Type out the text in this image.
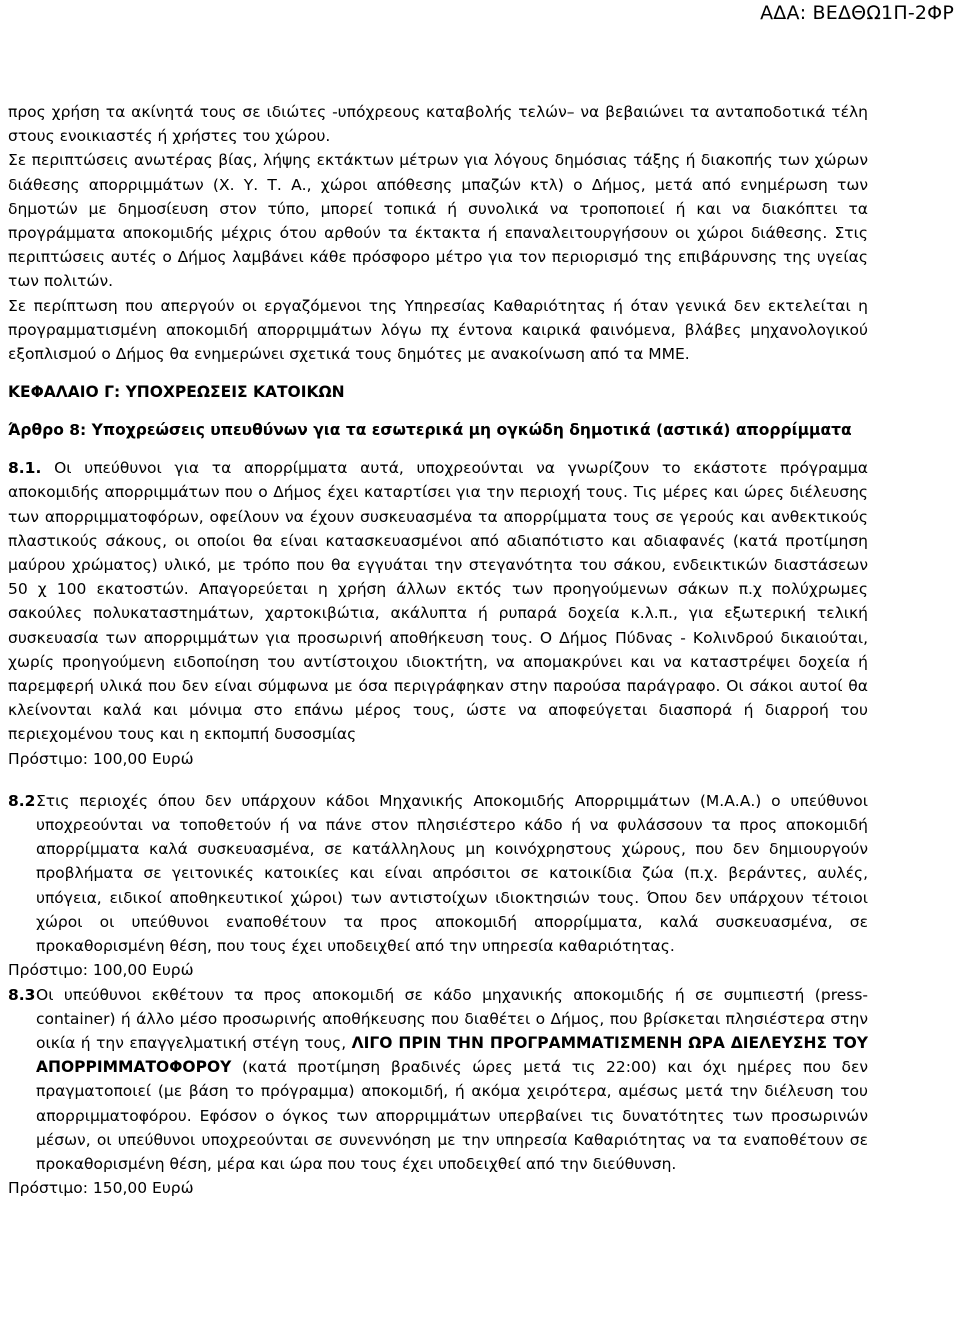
ΑΔΑ: ΒΕΔΘΩ1Π-2ΦΡ

προς χρήση τα ακίνητά τους σε ιδιώτες -υπόχρεους καταβολής τελών– να βεβαιώνει τα ανταποδοτικά τέλη στους ενοικιαστές ή χρήστες του χώρου.

Σε περιπτώσεις ανωτέρας βίας, λήψης εκτάκτων μέτρων για λόγους δημόσιας τάξης ή διακοπής των χώρων διάθεσης απορριμμάτων (Χ. Υ. Τ. Α., χώροι απόθεσης μπαζών κτλ) ο Δήμος, μετά από ενημέρωση των δημοτών με δημοσίευση στον τύπο, μπορεί τοπικά ή συνολικά να τροποποιεί ή και να διακόπτει τα προγράμματα αποκομιδής μέχρις ότου αρθούν τα έκτακτα ή επαναλειτουργήσουν οι χώροι διάθεσης. Στις περιπτώσεις αυτές ο Δήμος λαμβάνει κάθε πρόσφορο μέτρο για τον περιορισμό της επιβάρυνσης της υγείας των πολιτών.

Σε περίπτωση που απεργούν οι εργαζόμενοι της Υπηρεσίας Καθαριότητας ή όταν γενικά δεν εκτελείται η προγραμματισμένη αποκομιδή απορριμμάτων λόγω πχ έντονα καιρικά φαινόμενα, βλάβες μηχανολογικού εξοπλισμού ο Δήμος θα ενημερώνει σχετικά τους δημότες με ανακοίνωση από τα ΜΜΕ.

ΚΕΦΑΛΑΙΟ Γ: ΥΠΟΧΡΕΩΣΕΙΣ ΚΑΤΟΙΚΩΝ
Άρθρο 8: Υποχρεώσεις υπευθύνων για τα εσωτερικά μη ογκώδη δημοτικά (αστικά) απορρίμματα

8.1. Οι υπεύθυνοι για τα απορρίμματα αυτά, υποχρεούνται να γνωρίζουν το εκάστοτε πρόγραμμα αποκομιδής απορριμμάτων που ο Δήμος έχει καταρτίσει για την περιοχή τους. Τις μέρες και ώρες διέλευσης των απορριμματοφόρων, οφείλουν να έχουν συσκευασμένα τα απορρίμματα τους σε γερούς και ανθεκτικούς πλαστικούς σάκους, οι οποίοι θα είναι κατασκευασμένοι από αδιαπότιστο και αδιαφανές (κατά προτίμηση μαύρου χρώματος) υλικό, με τρόπο που θα εγγυάται την στεγανότητα του σάκου, ενδεικτικών διαστάσεων 50 χ 100 εκατοστών. Απαγορεύεται η χρήση άλλων εκτός των προηγούμενων σάκων π.χ πολύχρωμες σακούλες πολυκαταστημάτων, χαρτοκιβώτια, ακάλυπτα ή ρυπαρά δοχεία κ.λ.π., για εξωτερική τελική συσκευασία των απορριμμάτων για προσωρινή αποθήκευση τους. Ο Δήμος Πύδνας - Κολινδρού δικαιούται, χωρίς προηγούμενη ειδοποίηση του αντίστοιχου ιδιοκτήτη, να απομακρύνει και να καταστρέψει δοχεία ή παρεμφερή υλικά που δεν είναι σύμφωνα με όσα περιγράφηκαν στην παρούσα παράγραφο. Οι σάκοι αυτοί θα κλείνονται καλά και μόνιμα στο επάνω μέρος τους, ώστε να αποφεύγεται διασπορά ή διαρροή του περιεχομένου τους και η εκπομπή δυσοσμίας

Πρόστιμο: 100,00 Ευρώ
8.2 Στις περιοχές όπου δεν υπάρχουν κάδοι Μηχανικής Αποκομιδής Απορριμμάτων (Μ.Α.Α.) ο υπεύθυνοι υποχρεούνται να τοποθετούν ή να πάνε στον πλησιέστερο κάδο ή να φυλάσσουν τα προς αποκομιδή απορρίμματα καλά συσκευασμένα, σε κατάλληλους μη κοινόχρηστους χώρους, που δεν δημιουργούν προβλήματα σε γειτονικές κατοικίες και είναι απρόσιτοι σε κατοικίδια ζώα (π.χ. βεράντες, αυλές, υπόγεια, ειδικοί αποθηκευτικοί χώροι) των αντιστοίχων ιδιοκτησιών τους. Όπου δεν υπάρχουν τέτοιοι χώροι οι υπεύθυνοι εναποθέτουν τα προς αποκομιδή απορρίμματα, καλά συσκευασμένα, σε προκαθορισμένη θέση, που τους έχει υποδειχθεί από την υπηρεσία καθαριότητας.
Πρόστιμο: 100,00 Ευρώ
8.3 Οι υπεύθυνοι εκθέτουν τα προς αποκομιδή σε κάδο μηχανικής αποκομιδής ή σε συμπιεστή (press-container) ή άλλο μέσο προσωρινής αποθήκευσης που διαθέτει ο Δήμος, που βρίσκεται πλησιέστερα στην οικία ή την επαγγελματική στέγη τους, ΛΙΓΟ ΠΡΙΝ ΤΗΝ ΠΡΟΓΡΑΜΜΑΤΙΣΜΕΝΗ ΩΡΑ ΔΙΕΛΕΥΣΗΣ ΤΟΥ ΑΠΟΡΡΙΜΜΑΤΟΦΟΡΟΥ (κατά προτίμηση βραδινές ώρες μετά τις 22:00) και όχι ημέρες που δεν πραγματοποιεί (με βάση το πρόγραμμα) αποκομιδή, ή ακόμα χειρότερα, αμέσως μετά την διέλευση του απορριμματοφόρου. Εφόσον ο όγκος των απορριμμάτων υπερβαίνει τις δυνατότητες των προσωρινών μέσων, οι υπεύθυνοι υποχρεούνται σε συνεννόηση με την υπηρεσία Καθαριότητας να τα εναποθέτουν σε προκαθορισμένη θέση, μέρα και ώρα που τους έχει υποδειχθεί από την διεύθυνση.
Πρόστιμο: 150,00 Ευρώ
